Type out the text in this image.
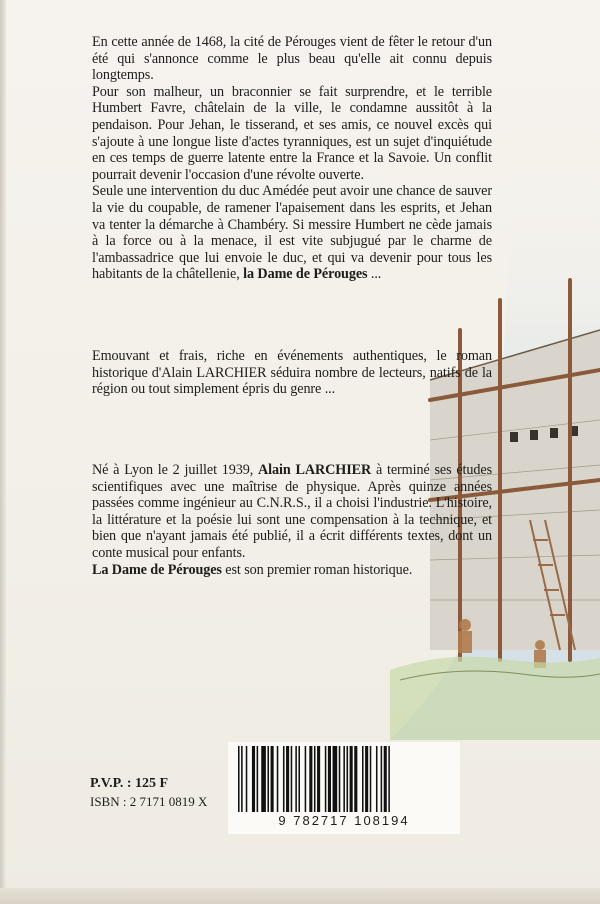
En cette année de 1468, la cité de Pérouges vient de fêter le retour d'un été qui s'annonce comme le plus beau qu'elle ait connu depuis longtemps.

Pour son malheur, un braconnier se fait surprendre, et le terrible Humbert Favre, châtelain de la ville, le condamne aussitôt à la pendaison. Pour Jehan, le tisserand, et ses amis, ce nouvel excès qui s'ajoute à une longue liste d'actes tyranniques, est un sujet d'inquiétude en ces temps de guerre latente entre la France et la Savoie. Un conflit pourrait devenir l'occasion d'une révolte ouverte.

Seule une intervention du duc Amédée peut avoir une chance de sauver la vie du coupable, de ramener l'apaisement dans les esprits, et Jehan va tenter la démarche à Chambéry. Si messire Humbert ne cède jamais à la force ou à la menace, il est vite subjugué par le charme de l'ambassadrice que lui envoie le duc, et qui va devenir pour tous les habitants de la châtellenie, la Dame de Pérouges ...

Emouvant et frais, riche en événements authentiques, le roman historique d'Alain LARCHIER séduira nombre de lecteurs, natifs de la région ou tout simplement épris du genre ...

Né à Lyon le 2 juillet 1939, Alain LARCHIER à terminé ses études scientifiques avec une maîtrise de physique. Après quinze années passées comme ingénieur au C.N.R.S., il a choisi l'industrie. L'histoire, la littérature et la poésie lui sont une compensation à la technique, et bien que n'ayant jamais été publié, il a écrit différents textes, dont un conte musical pour enfants.

La Dame de Pérouges est son premier roman historique.

P.V.P. : 125 F
ISBN : 2 7171 0819 X
9 782717 108194
